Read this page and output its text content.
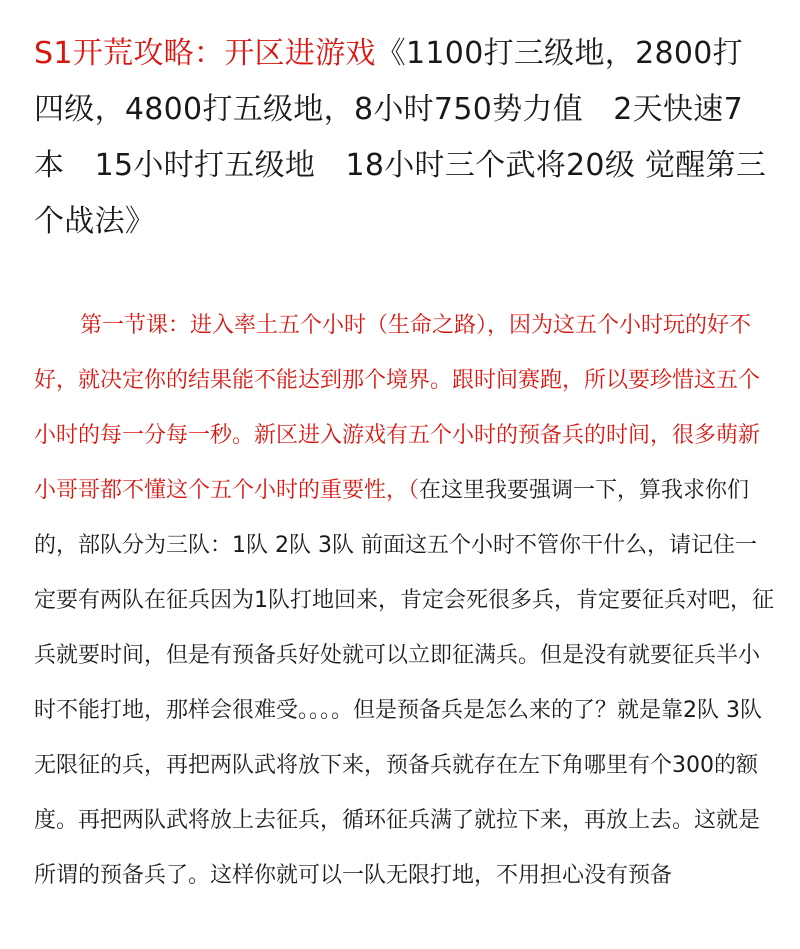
S1开荒攻略：开区进游戏《1100打三级地，2800打四级，4800打五级地，8小时750势力值　2天快速7本　15小时打五级地　18小时三个武将20级 觉醒第三个战法》

第一节课：进入率土五个小时（生命之路），因为这五个小时玩的好不好，就决定你的结果能不能达到那个境界。跟时间赛跑，所以要珍惜这五个小时的每一分每一秒。新区进入游戏有五个小时的预备兵的时间，很多萌新小哥哥都不懂这个五个小时的重要性，（在这里我要强调一下，算我求你们的，部队分为三队：1队 2队 3队 前面这五个小时不管你干什么，请记住一定要有两队在征兵因为1队打地回来，肯定会死很多兵，肯定要征兵对吧，征兵就要时间，但是有预备兵好处就可以立即征满兵。但是没有就要征兵半小时不能打地，那样会很难受。。。。但是预备兵是怎么来的了？就是靠2队 3队无限征的兵，再把两队武将放下来，预备兵就存在左下角哪里有个300的额度。再把两队武将放上去征兵，循环征兵满了就拉下来，再放上去。这就是所谓的预备兵了。这样你就可以一队无限打地，不用担心没有预备
